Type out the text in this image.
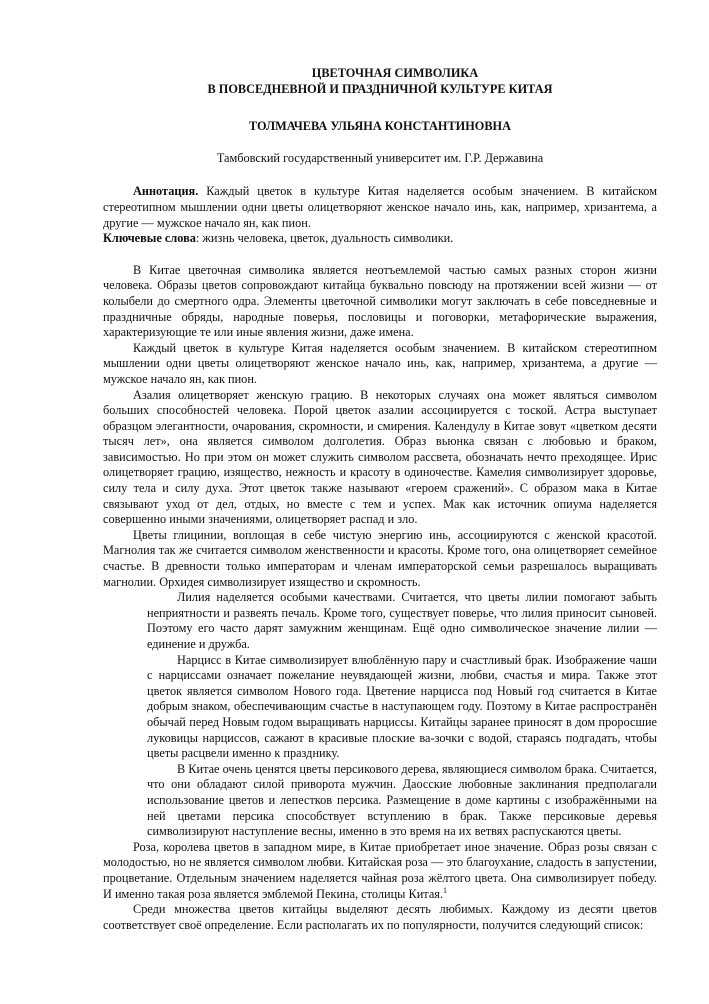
ЦВЕТОЧНАЯ СИМВОЛИКА
В ПОВСЕДНЕВНОЙ И ПРАЗДНИЧНОЙ КУЛЬТУРЕ КИТАЯ
ТОЛМАЧЕВА УЛЬЯНА КОНСТАНТИНОВНА
Тамбовский государственный университет им. Г.Р. Державина

Аннотация. Каждый цветок в культуре Китая наделяется особым значением. В китайском стереотипном мышлении одни цветы олицетворяют женское начало инь, как, например, хризантема, а другие — мужское начало ян, как пион.

Ключевые слова: жизнь человека, цветок, дуальность символики.

В Китае цветочная символика является неотъемлемой частью самых разных сторон жизни человека. Образы цветов сопровождают китайца буквально повсюду на протяжении всей жизни — от колыбели до смертного одра. Элементы цветочной символики могут заключать в себе повседневные и праздничные обряды, народные поверья, пословицы и поговорки, метафорические выражения, характеризующие те или иные явления жизни, даже имена.

Каждый цветок в культуре Китая наделяется особым значением. В китайском стереотипном мышлении одни цветы олицетворяют женское начало инь, как, например, хризантема, а другие — мужское начало ян, как пион.

Азалия олицетворяет женскую грацию. В некоторых случаях она может являться символом больших способностей человека. Порой цветок азалии ассоциируется с тоской. Астра выступает образцом элегантности, очарования, скромности, и смирения. Календулу в Китае зовут «цветком десяти тысяч лет», она является символом долголетия. Образ вьюнка связан с любовью и браком, зависимостью. Но при этом он может служить символом рассвета, обозначать нечто преходящее. Ирис олицетворяет грацию, изящество, нежность и красоту в одиночестве. Камелия символизирует здоровье, силу тела и силу духа. Этот цветок также называют «героем сражений». С образом мака в Китае связывают уход от дел, отдых, но вместе с тем и успех. Мак как источник опиума наделяется совершенно иными значениями, олицетворяет распад и зло.

Цветы глицинии, воплощая в себе чистую энергию инь, ассоциируются с женской красотой. Магнолия так же считается символом женственности и красоты. Кроме того, она олицетворяет семейное счастье. В древности только императорам и членам императорской семьи разрешалось выращивать магнолии. Орхидея символизирует изящество и скромность.

Лилия наделяется особыми качествами. Считается, что цветы лилии помогают забыть неприятности и развеять печаль. Кроме того, существует поверье, что лилия приносит сыновей. Поэтому его часто дарят замужним женщинам. Ещё одно символическое значение лилии — единение и дружба.

Нарцисс в Китае символизирует влюблённую пару и счастливый брак. Изображение чаши с нарциссами означает пожелание неувядающей жизни, любви, счастья и мира. Также этот цветок является символом Нового года. Цветение нарцисса под Новый год считается в Китае добрым знаком, обеспечивающим счастье в наступающем году. Поэтому в Китае распространён обычай перед Новым годом выращивать нарциссы. Китайцы заранее приносят в дом проросшие луковицы нарциссов, сажают в красивые плоские ва-зочки с водой, стараясь подгадать, чтобы цветы расцвели именно к празднику.

В Китае очень ценятся цветы персикового дерева, являющиеся символом брака. Считается, что они обладают силой приворота мужчин. Даосские любовные заклинания предполагали использование цветов и лепестков персика. Размещение в доме картины с изображёнными на ней цветами персика способствует вступлению в брак. Также персиковые деревья символизируют наступление весны, именно в это время на их ветвях распускаются цветы.

Роза, королева цветов в западном мире, в Китае приобретает иное значение. Образ розы связан с молодостью, но не является символом любви. Китайская роза — это благоухание, сладость в запустении, процветание. Отдельным значением наделяется чайная роза жёлтого цвета. Она символизирует победу. И именно такая роза является эмблемой Пекина, столицы Китая.$^1$

Среди множества цветов китайцы выделяют десять любимых. Каждому из десяти цветов соответствует своё определение. Если располагать их по популярности, получится следующий список:
